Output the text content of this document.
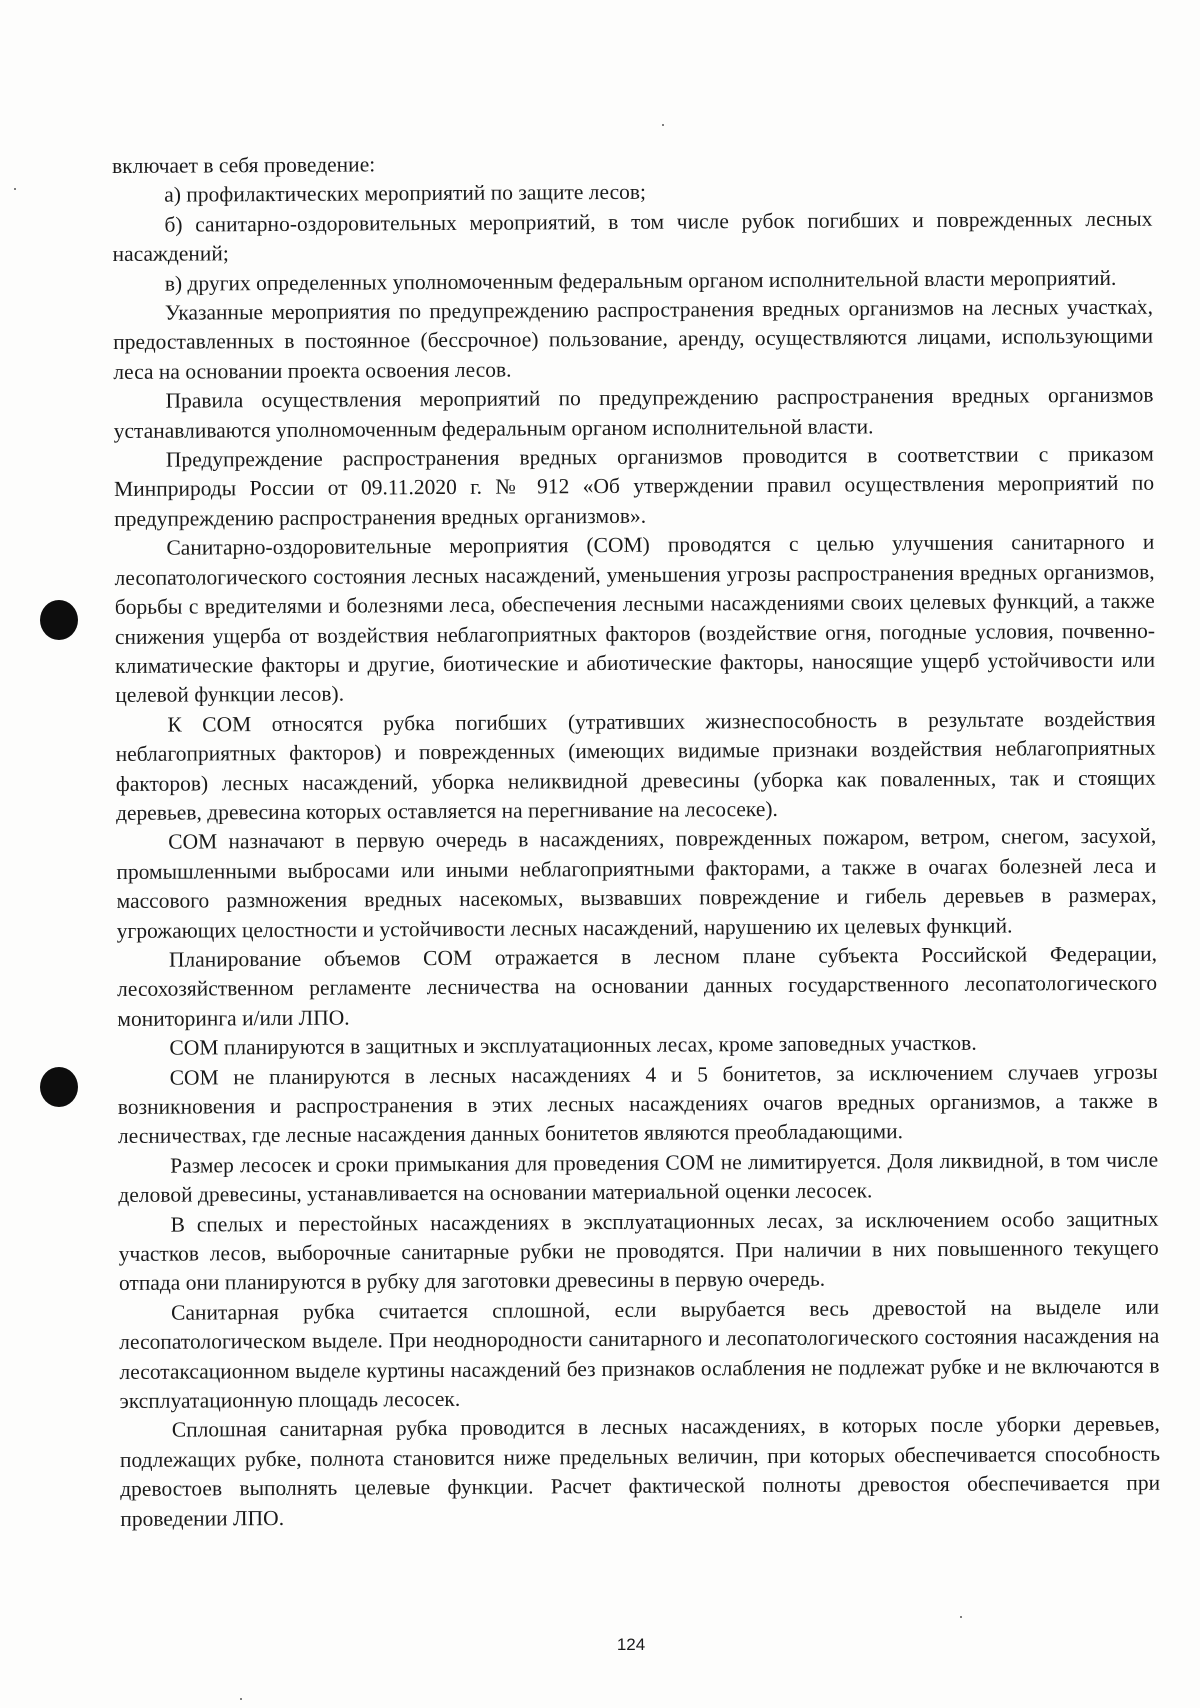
включает в себя проведение:

а) профилактических мероприятий по защите лесов;

б) санитарно-оздоровительных мероприятий, в том числе рубок погибших и поврежденных лесных насаждений;

в) других определенных уполномоченным федеральным органом исполнительной власти мероприятий.

Указанные мероприятия по предупреждению распространения вредных организмов на лесных участках, предоставленных в постоянное (бессрочное) пользование, аренду, осуществляются лицами, использующими леса на основании проекта освоения лесов.

Правила осуществления мероприятий по предупреждению распространения вредных организмов устанавливаются уполномоченным федеральным органом исполнительной власти.

Предупреждение распространения вредных организмов проводится в соответствии с приказом Минприроды России от 09.11.2020 г. № 912 «Об утверждении правил осуществления мероприятий по предупреждению распространения вредных организмов».

Санитарно-оздоровительные мероприятия (СОМ) проводятся с целью улучшения санитарного и лесопатологического состояния лесных насаждений, уменьшения угрозы распространения вредных организмов, борьбы с вредителями и болезнями леса, обеспечения лесными насаждениями своих целевых функций, а также снижения ущерба от воздействия неблагоприятных факторов (воздействие огня, погодные условия, почвенно-климатические факторы и другие, биотические и абиотические факторы, наносящие ущерб устойчивости или целевой функции лесов).

К СОМ относятся рубка погибших (утративших жизнеспособность в результате воздействия неблагоприятных факторов) и поврежденных (имеющих видимые признаки воздействия неблагоприятных факторов) лесных насаждений, уборка неликвидной древесины (уборка как поваленных, так и стоящих деревьев, древесина которых оставляется на перегнивание на лесосеке).

СОМ назначают в первую очередь в насаждениях, поврежденных пожаром, ветром, снегом, засухой, промышленными выбросами или иными неблагоприятными факторами, а также в очагах болезней леса и массового размножения вредных насекомых, вызвавших повреждение и гибель деревьев в размерах, угрожающих целостности и устойчивости лесных насаждений, нарушению их целевых функций.

Планирование объемов СОМ отражается в лесном плане субъекта Российской Федерации, лесохозяйственном регламенте лесничества на основании данных государственного лесопатологического мониторинга и/или ЛПО.

СОМ планируются в защитных и эксплуатационных лесах, кроме заповедных участков.

СОМ не планируются в лесных насаждениях 4 и 5 бонитетов, за исключением случаев угрозы возникновения и распространения в этих лесных насаждениях очагов вредных организмов, а также в лесничествах, где лесные насаждения данных бонитетов являются преобладающими.

Размер лесосек и сроки примыкания для проведения СОМ не лимитируется. Доля ликвидной, в том числе деловой древесины, устанавливается на основании материальной оценки лесосек.

В спелых и перестойных насаждениях в эксплуатационных лесах, за исключением особо защитных участков лесов, выборочные санитарные рубки не проводятся. При наличии в них повышенного текущего отпада они планируются в рубку для заготовки древесины в первую очередь.

Санитарная рубка считается сплошной, если вырубается весь древостой на выделе или лесопатологическом выделе. При неоднородности санитарного и лесопатологического состояния насаждения на лесотаксационном выделе куртины насаждений без признаков ослабления не подлежат рубке и не включаются в эксплуатационную площадь лесосек.

Сплошная санитарная рубка проводится в лесных насаждениях, в которых после уборки деревьев, подлежащих рубке, полнота становится ниже предельных величин, при которых обеспечивается способность древостоев выполнять целевые функции. Расчет фактической полноты древостоя обеспечивается при проведении ЛПО.

124
